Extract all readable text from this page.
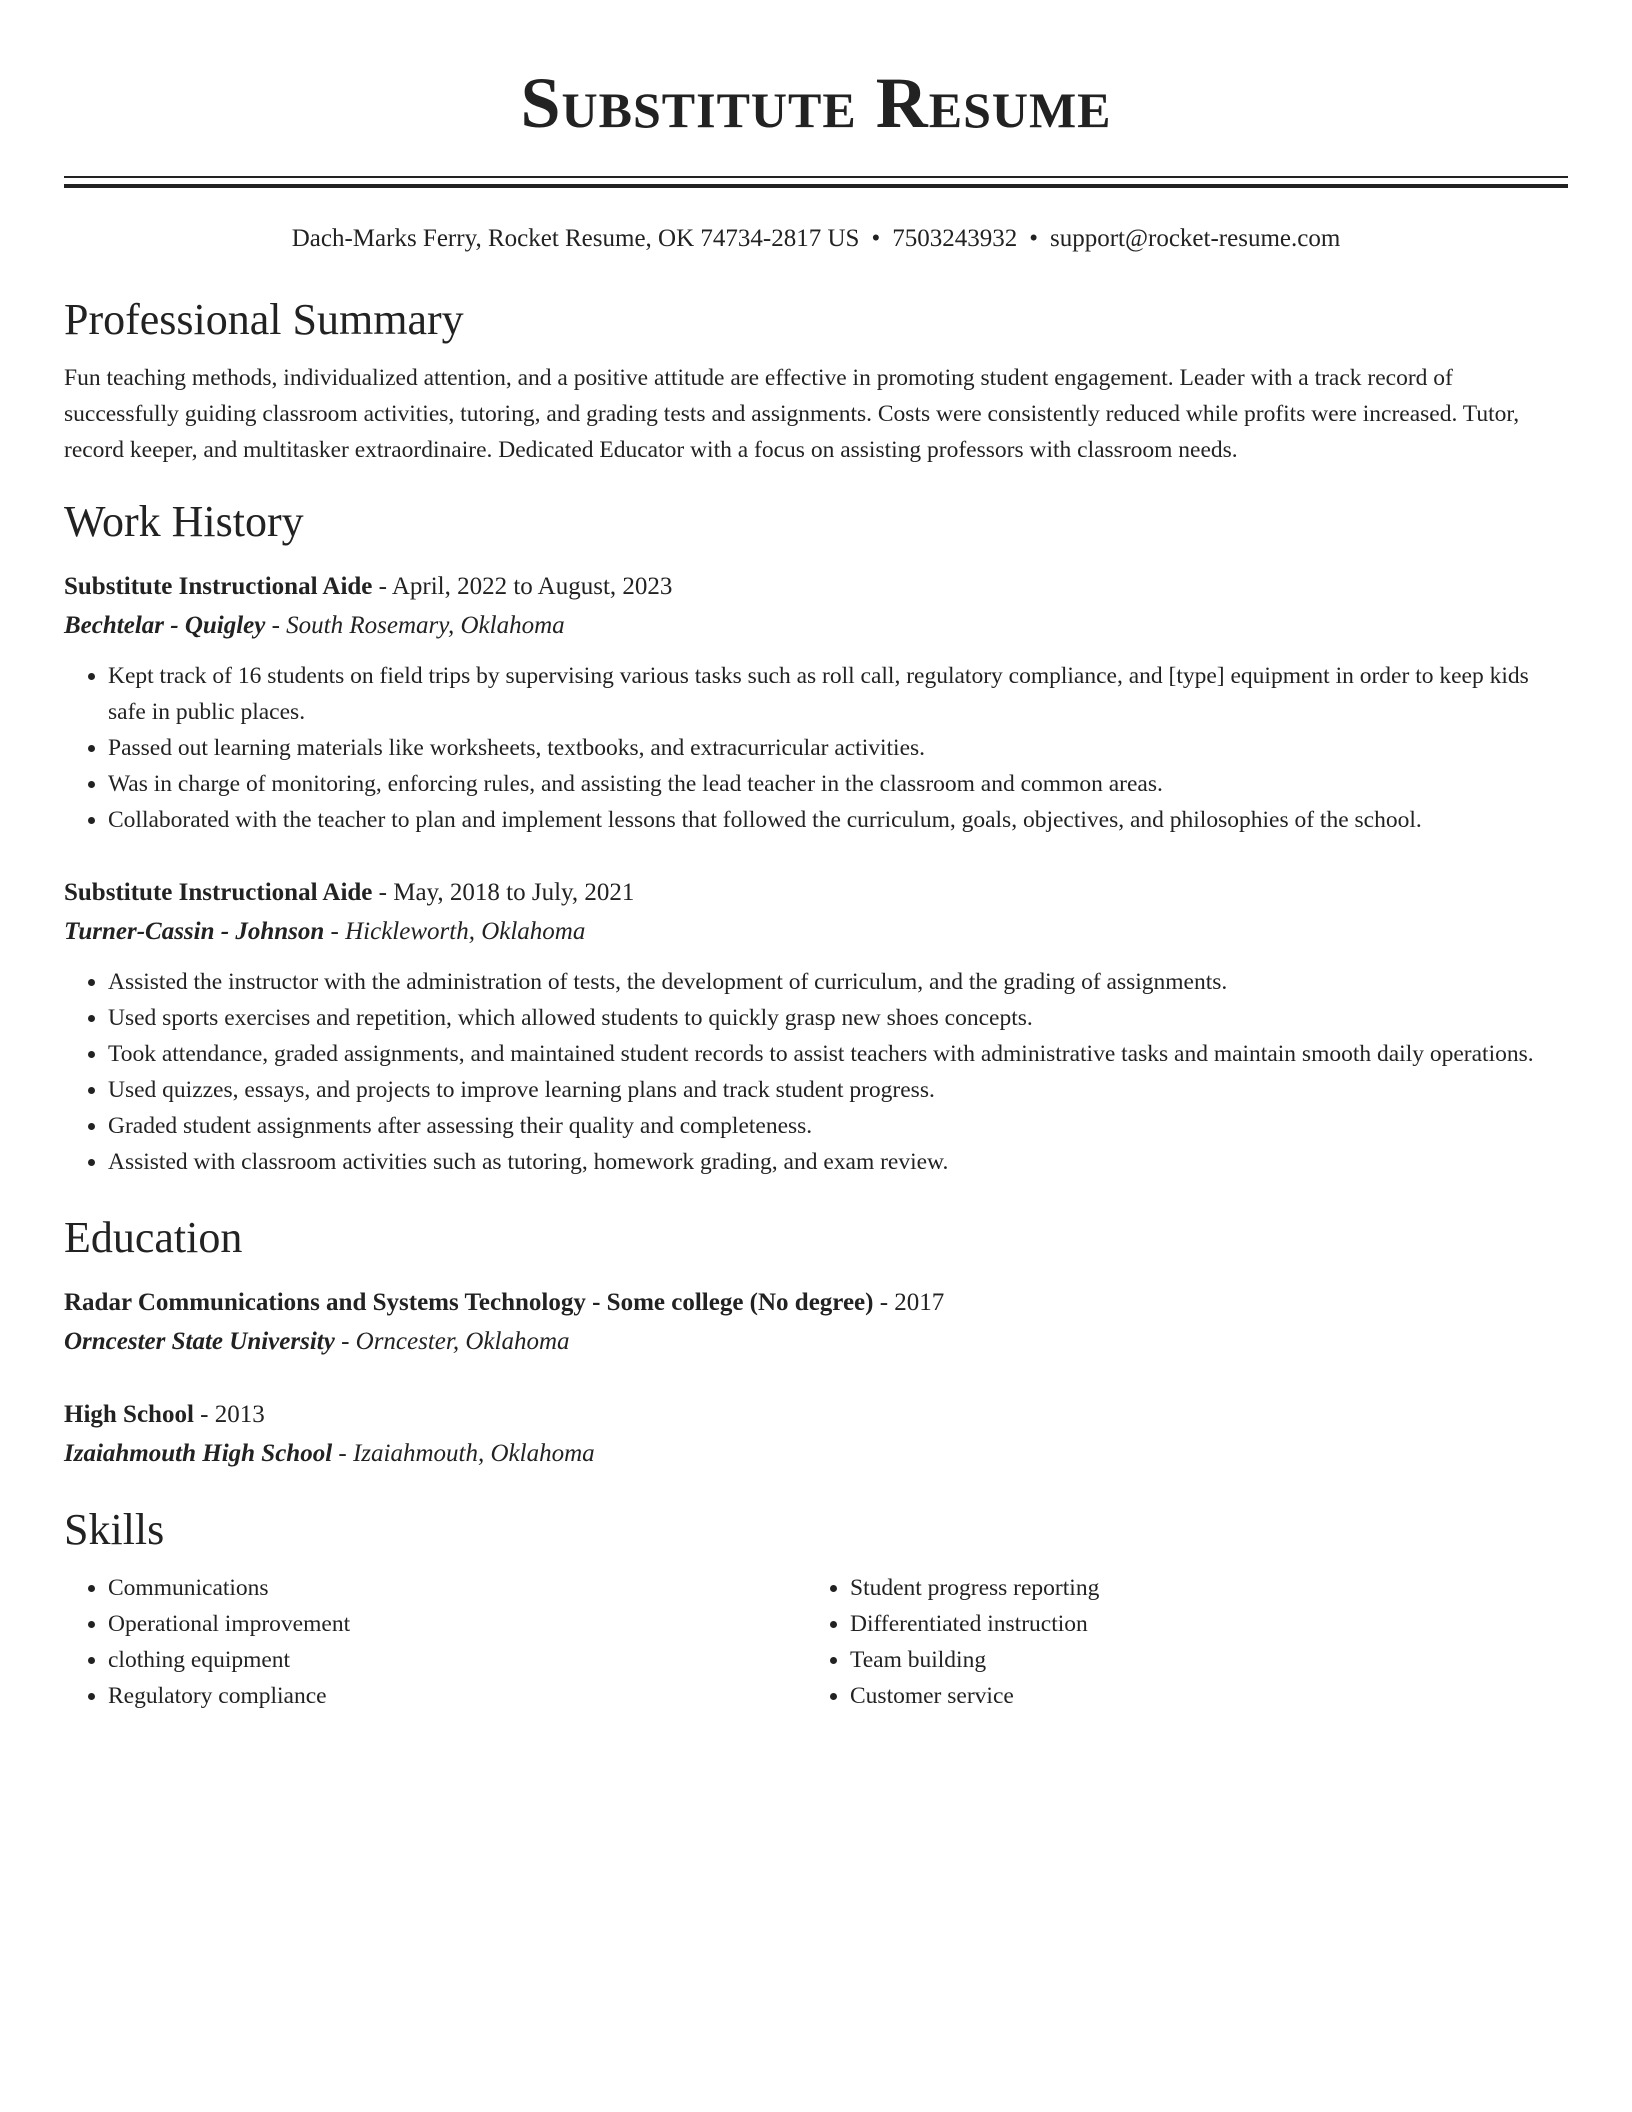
Substitute Resume
Dach-Marks Ferry, Rocket Resume, OK 74734-2817 US • 7503243932 • support@rocket-resume.com
Professional Summary
Fun teaching methods, individualized attention, and a positive attitude are effective in promoting student engagement. Leader with a track record of successfully guiding classroom activities, tutoring, and grading tests and assignments. Costs were consistently reduced while profits were increased. Tutor, record keeper, and multitasker extraordinaire. Dedicated Educator with a focus on assisting professors with classroom needs.
Work History
Substitute Instructional Aide - April, 2022 to August, 2023
Bechtelar - Quigley - South Rosemary, Oklahoma
• Kept track of 16 students on field trips by supervising various tasks such as roll call, regulatory compliance, and [type] equipment in order to keep kids safe in public places.
• Passed out learning materials like worksheets, textbooks, and extracurricular activities.
• Was in charge of monitoring, enforcing rules, and assisting the lead teacher in the classroom and common areas.
• Collaborated with the teacher to plan and implement lessons that followed the curriculum, goals, objectives, and philosophies of the school.
Substitute Instructional Aide - May, 2018 to July, 2021
Turner-Cassin - Johnson - Hickleworth, Oklahoma
• Assisted the instructor with the administration of tests, the development of curriculum, and the grading of assignments.
• Used sports exercises and repetition, which allowed students to quickly grasp new shoes concepts.
• Took attendance, graded assignments, and maintained student records to assist teachers with administrative tasks and maintain smooth daily operations.
• Used quizzes, essays, and projects to improve learning plans and track student progress.
• Graded student assignments after assessing their quality and completeness.
• Assisted with classroom activities such as tutoring, homework grading, and exam review.
Education
Radar Communications and Systems Technology - Some college (No degree) - 2017
Orncester State University - Orncester, Oklahoma
High School - 2013
Izaiahmouth High School - Izaiahmouth, Oklahoma
Skills
• Communications
• Operational improvement
• clothing equipment
• Regulatory compliance
• Student progress reporting
• Differentiated instruction
• Team building
• Customer service
